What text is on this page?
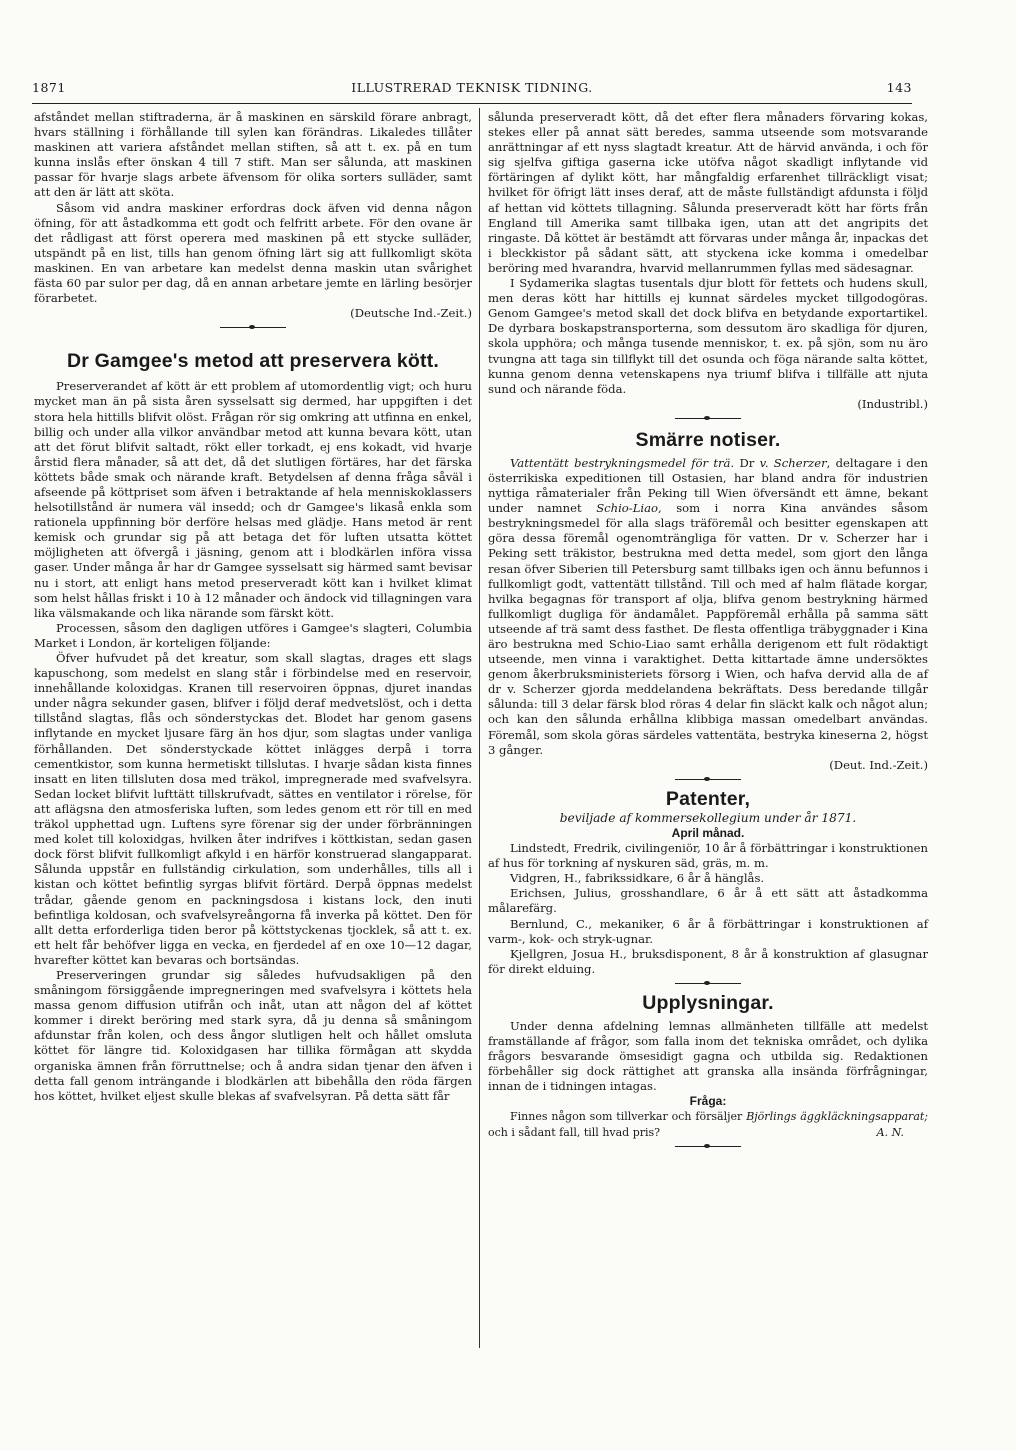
1871	ILLUSTRERAD TEKNISK TIDNING.	143

afståndet mellan stiftraderna, är å maskinen en särskild förare anbragt, hvars ställning i förhållande till sylen kan förändras. Likaledes tillåter maskinen att variera afståndet mellan stiften, så att t. ex. på en tum kunna inslås efter önskan 4 till 7 stift. Man ser sålunda, att maskinen passar för hvarje slags arbete äfvensom för olika sorters sulläder, samt att den är lätt att sköta.

Såsom vid andra maskiner erfordras dock äfven vid denna någon öfning, för att åstadkomma ett godt och felfritt arbete. För den ovane är det rådligast att först operera med maskinen på ett stycke sulläder, utspändt på en list, tills han genom öfning lärt sig att fullkomligt sköta maskinen. En van arbetare kan medelst denna maskin utan svårighet fästa 60 par sulor per dag, då en annan arbetare jemte en lärling besörjer förarbetet.

(Deutsche Ind.-Zeit.)

Dr Gamgee's metod att preservera kött.

Preserverandet af kött är ett problem af utomordentlig vigt; och huru mycket man än på sista åren sysselsatt sig dermed, har uppgiften i det stora hela hittills blifvit olöst. Frågan rör sig omkring att utfinna en enkel, billig och under alla vilkor användbar metod att kunna bevara kött, utan att det förut blifvit saltadt, rökt eller torkadt, ej ens kokadt, vid hvarje årstid flera månader, så att det, då det slutligen förtäres, har det färska köttets både smak och närande kraft. Betydelsen af denna fråga såväl i afseende på köttpriset som äfven i betraktande af hela menniskoklassers helsotillstånd är numera väl insedd; och dr Gamgee's likaså enkla som rationela uppfinning bör derföre helsas med glädje. Hans metod är rent kemisk och grundar sig på att betaga det för luften utsatta köttet möjligheten att öfvergå i jäsning, genom att i blodkärlen införa vissa gaser. Under många år har dr Gamgee sysselsatt sig härmed samt bevisar nu i stort, att enligt hans metod preserveradt kött kan i hvilket klimat som helst hållas friskt i 10 à 12 månader och ändock vid tillagningen vara lika välsmakande och lika närande som färskt kött.

Processen, såsom den dagligen utföres i Gamgee's slagteri, Columbia Market i London, är korteligen följande:

Öfver hufvudet på det kreatur, som skall slagtas, drages ett slags kapuschong, som medelst en slang står i förbindelse med en reservoir, innehållande koloxidgas. Kranen till reservoiren öppnas, djuret inandas under några sekunder gasen, blifver i följd deraf medvetslöst, och i detta tillstånd slagtas, flås och sönderstyckas det. Blodet har genom gasens inflytande en mycket ljusare färg än hos djur, som slagtas under vanliga förhållanden. Det sönderstyckade köttet inlägges derpå i torra cementkistor, som kunna hermetiskt tillslutas. I hvarje sådan kista finnes insatt en liten tillsluten dosa med träkol, impregnerade med svafvelsyra. Sedan locket blifvit lufttätt tillskrufvadt, sättes en ventilator i rörelse, för att aflägsna den atmosferiska luften, som ledes genom ett rör till en med träkol upphettad ugn. Luftens syre förenar sig der under förbränningen med kolet till koloxidgas, hvilken åter indrifves i köttkistan, sedan gasen dock först blifvit fullkomligt afkyld i en härför konstruerad slangapparat. Sålunda uppstår en fullständig cirkulation, som underhålles, tills all i kistan och köttet befintlig syrgas blifvit förtärd. Derpå öppnas medelst trådar, gående genom en packningsdosa i kistans lock, den inuti befintliga koldosan, och svafvelsyreångorna få inverka på köttet. Den för allt detta erforderliga tiden beror på köttstyckenas tjocklek, så att t. ex. ett helt får behöfver ligga en vecka, en fjerdedel af en oxe 10—12 dagar, hvarefter köttet kan bevaras och bortsändas.

Preserveringen grundar sig således hufvudsakligen på den småningom försiggående impregneringen med svafvelsyra i köttets hela massa genom diffusion utifrån och inåt, utan att någon del af köttet kommer i direkt beröring med stark syra, då ju denna så småningom afdunstar från kolen, och dess ångor slutligen helt och hållet omsluta köttet för längre tid. Koloxidgasen har tillika förmågan att skydda organiska ämnen från förruttnelse; och å andra sidan tjenar den äfven i detta fall genom inträngande i blodkärlen att bibehålla den röda färgen hos köttet, hvilket eljest skulle blekas af svafvelsyran. På detta sätt får

sålunda preserveradt kött, då det efter flera månaders förvaring kokas, stekes eller på annat sätt beredes, samma utseende som motsvarande anrättningar af ett nyss slagtadt kreatur. Att de härvid använda, i och för sig sjelfva giftiga gaserna icke utöfva något skadligt inflytande vid förtäringen af dylikt kött, har mångfaldig erfarenhet tillräckligt visat; hvilket för öfrigt lätt inses deraf, att de måste fullständigt afdunsta i följd af hettan vid köttets tillagning. Sålunda preserveradt kött har förts från England till Amerika samt tillbaka igen, utan att det angripits det ringaste. Då köttet är bestämdt att förvaras under många år, inpackas det i bleckkistor på sådant sätt, att styckena icke komma i omedelbar beröring med hvarandra, hvarvid mellanrummen fyllas med sädesagnar.

I Sydamerika slagtas tusentals djur blott för fettets och hudens skull, men deras kött har hittills ej kunnat särdeles mycket tillgodogöras. Genom Gamgee's metod skall det dock blifva en betydande exportartikel. De dyrbara boskapstransporterna, som dessutom äro skadliga för djuren, skola upphöra; och många tusende menniskor, t. ex. på sjön, som nu äro tvungna att taga sin tillflykt till det osunda och föga närande salta köttet, kunna genom denna vetenskapens nya triumf blifva i tillfälle att njuta sund och närande föda.

(Industribl.)

Smärre notiser.

Vattentätt bestrykningsmedel för trä. Dr v. Scherzer, deltagare i den österrikiska expeditionen till Ostasien, har bland andra för industrien nyttiga råmaterialer från Peking till Wien öfversändt ett ämne, bekant under namnet Schio-Liao, som i norra Kina användes såsom bestrykningsmedel för alla slags träföremål och besitter egenskapen att göra dessa föremål ogenomträngliga för vatten. Dr v. Scherzer har i Peking sett träkistor, bestrukna med detta medel, som gjort den långa resan öfver Siberien till Petersburg samt tillbaks igen och ännu befunnos i fullkomligt godt, vattentätt tillstånd. Till och med af halm flätade korgar, hvilka begagnas för transport af olja, blifva genom bestrykning härmed fullkomligt dugliga för ändamålet. Pappföremål erhålla på samma sätt utseende af trä samt dess fasthet. De flesta offentliga träbyggnader i Kina äro bestrukna med Schio-Liao samt erhålla derigenom ett fult rödaktigt utseende, men vinna i varaktighet. Detta kittartade ämne undersöktes genom åkerbruksministeriets försorg i Wien, och hafva dervid alla de af dr v. Scherzer gjorda meddelandena bekräftats. Dess beredande tillgår sålunda: till 3 delar färsk blod röras 4 delar fin släckt kalk och något alun; och kan den sålunda erhållna klibbiga massan omedelbart användas. Föremål, som skola göras särdeles vattentäta, bestryka kineserna 2, högst 3 gånger.

(Deut. Ind.-Zeit.)

Patenter,

beviljade af kommersekollegium under år 1871.

April månad.

Lindstedt, Fredrik, civilingeniör, 10 år å förbättringar i konstruktionen af hus för torkning af nyskuren säd, gräs, m. m.

Vidgren, H., fabrikssidkare, 6 år å hänglås.

Erichsen, Julius, grosshandlare, 6 år å ett sätt att åstadkomma målarefärg.

Bernlund, C., mekaniker, 6 år å förbättringar i konstruktionen af varm-, kok- och stryk-ugnar.

Kjellgren, Josua H., bruksdisponent, 8 år å konstruktion af glasugnar för direkt elduing.

Upplysningar.

Under denna afdelning lemnas allmänheten tillfälle att medelst framställande af frågor, som falla inom det tekniska området, och dylika frågors besvarande ömsesidigt gagna och utbilda sig. Redaktionen förbehåller sig dock rättighet att granska alla insända förfrågningar, innan de i tidningen intagas.

Fråga:

Finnes någon som tillverkar och försäljer Björlings äggkläckningsapparat; och i sådant fall, till hvad pris?	A. N.
